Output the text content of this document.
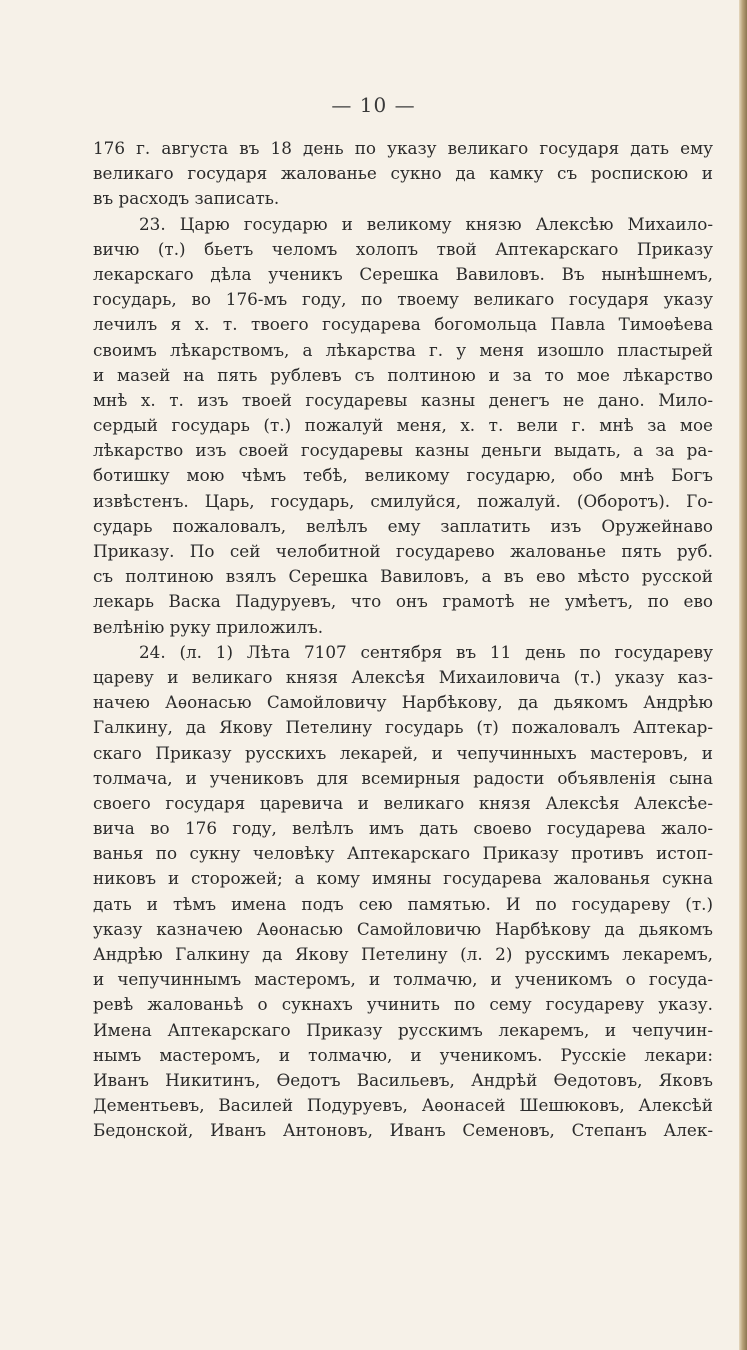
— 10 —
176 г. августа въ 18 день по указу великаго государя дать ему
великаго государя жалованье сукно да камку съ роспискою и
въ расходъ записать.
23. Царю государю и великому князю Алексѣю Михаило-
вичю (т.) бьетъ челомъ холопъ твой Аптекарскаго Приказу
лекарскаго дѣла ученикъ Серешка Вавиловъ. Въ нынѣшнемъ,
государь, во 176-мъ году, по твоему великаго государя указу
лечилъ я х. т. твоего государева богомольца Павла Тимоѳѣева
своимъ лѣкарствомъ, а лѣкарства г. у меня изошло пластырей
и мазей на пять рублевъ съ полтиною и за то мое лѣкарство
мнѣ х. т. изъ твоей государевы казны денегъ не дано. Мило-
сердый государь (т.) пожалуй меня, х. т. вели г. мнѣ за мое
лѣкарство изъ своей государевы казны деньги выдать, а за ра-
ботишку мою чѣмъ тебѣ, великому государю, обо мнѣ Богъ
извѣстенъ. Царь, государь, смилуйся, пожалуй. (Оборотъ). Го-
сударь пожаловалъ, велѣлъ ему заплатить изъ Оружейнаво
Приказу. По сей челобитной государево жалованье пять руб.
съ полтиною взялъ Серешка Вавиловъ, а въ ево мѣсто русской
лекарь Васка Падуруевъ, что онъ грамотѣ не умѣетъ, по ево
велѣнію руку приложилъ.
24. (л. 1) Лѣта 7107 сентября въ 11 день по государеву
цареву и великаго князя Алексѣя Михаиловича (т.) указу каз-
начею Аѳонасью Самойловичу Нарбѣкову, да дьякомъ Андрѣю
Галкину, да Якову Петелину государь (т) пожаловалъ Аптекар-
скаго Приказу русскихъ лекарей, и чепучинныхъ мастеровъ, и
толмача, и учениковъ для всемирныя радости объявленія сына
своего государя царевича и великаго князя Алексѣя Алексѣе-
вича во 176 году, велѣлъ имъ дать своево государева жало-
ванья по сукну человѣку Аптекарскаго Приказу противъ истоп-
никовъ и сторожей; а кому имяны государева жалованья сукна
дать и тѣмъ имена подъ сею памятью. И по государеву (т.)
указу казначею Аѳонасью Самойловичю Нарбѣкову да дьякомъ
Андрѣю Галкину да Якову Петелину (л. 2) русскимъ лекаремъ,
и чепучиннымъ мастеромъ, и толмачю, и ученикомъ о госуда-
ревѣ жалованьѣ о сукнахъ учинить по сему государеву указу.
Имена Аптекарскаго Приказу русскимъ лекаремъ, и чепучин-
нымъ мастеромъ, и толмачю, и ученикомъ. Русскіе лекари:
Иванъ Никитинъ, Ѳедотъ Васильевъ, Андрѣй Ѳедотовъ, Яковъ
Дементьевъ, Василей Подуруевъ, Аѳонасей Шешюковъ, Алексѣй
Бедонской, Иванъ Антоновъ, Иванъ Семеновъ, Степанъ Алек-
